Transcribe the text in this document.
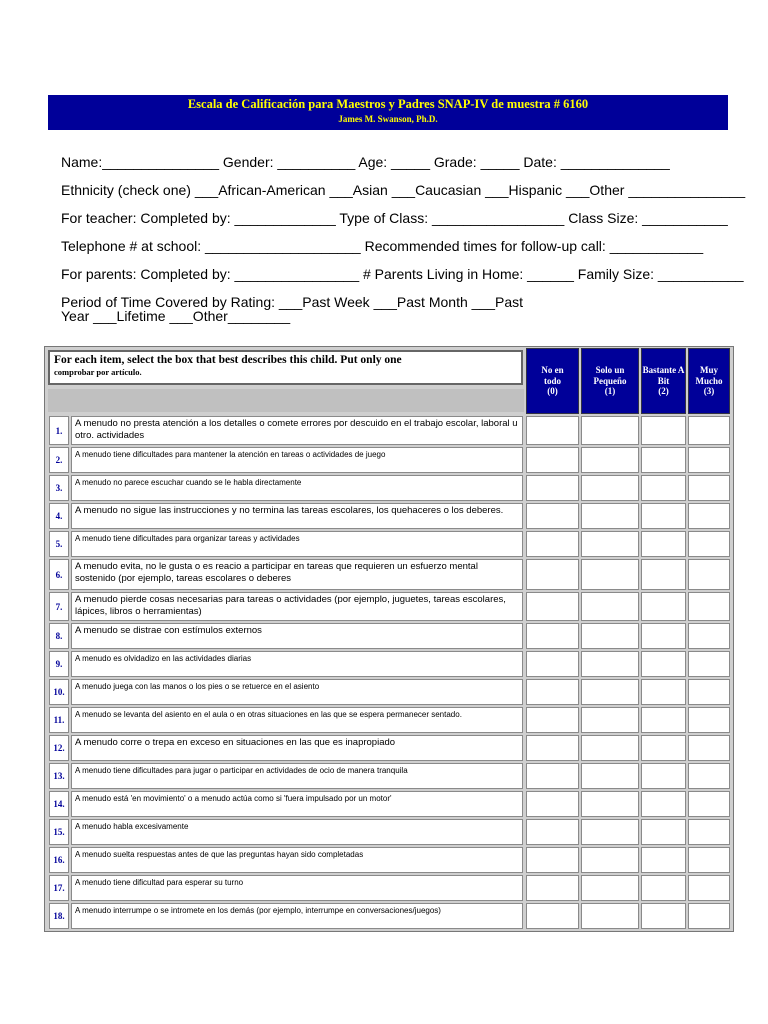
Escala de Calificación para Maestros y Padres SNAP-IV de muestra # 6160
James M. Swanson, Ph.D.
Name:_______________ Gender: __________ Age: _____ Grade: _____ Date: ______________
Ethnicity (check one) ___African-American ___Asian ___Caucasian ___Hispanic ___Other _______________
For teacher: Completed by: _____________ Type of Class: _________________ Class Size: ___________
Telephone # at school: ____________________ Recommended times for follow-up call: ____________
For parents: Completed by: ________________ # Parents Living in Home: ______ Family Size: ___________
Period of Time Covered by Rating: ___Past Week ___Past Month ___Past
Year ___Lifetime ___Other________
For each item, select the box that best describes this child. Put only one
comprobar por artículo.	No en
todo
(0)
Solo un
Pequeño
(1)
Bastante A
Bit
(2)
Muy
Mucho
(3)
1.
A menudo no presta atención a los detalles o comete errores por descuido en el trabajo escolar, laboral u otro. actividades
2.
A menudo tiene dificultades para mantener la atención en tareas o actividades de juego
3.
A menudo no parece escuchar cuando se le habla directamente
4.	A menudo no sigue las instrucciones y no termina las tareas escolares, los quehaceres o los deberes.
5.
A menudo tiene dificultades para organizar tareas y actividades
6.
A menudo evita, no le gusta o es reacio a participar en tareas que requieren un esfuerzo mental sostenido (por ejemplo, tareas escolares o deberes
7.
A menudo pierde cosas necesarias para tareas o actividades (por ejemplo, juguetes, tareas escolares, lápices, libros o herramientas)
8.	A menudo se distrae con estímulos externos
9.
A menudo es olvidadizo en las actividades diarias
10.
A menudo juega con las manos o los pies o se retuerce en el asiento
11.
A menudo se levanta del asiento en el aula o en otras situaciones en las que se espera permanecer sentado.
12.	A menudo corre o trepa en exceso en situaciones en las que es inapropiado
13.
A menudo tiene dificultades para jugar o participar en actividades de ocio de manera tranquila
14.
A menudo está 'en movimiento' o a menudo actúa como si 'fuera impulsado por un motor'
15.
A menudo habla excesivamente
16.
A menudo suelta respuestas antes de que las preguntas hayan sido completadas
17.
A menudo tiene dificultad para esperar su turno
18.
A menudo interrumpe o se intromete en los demás (por ejemplo, interrumpe en conversaciones/juegos)
